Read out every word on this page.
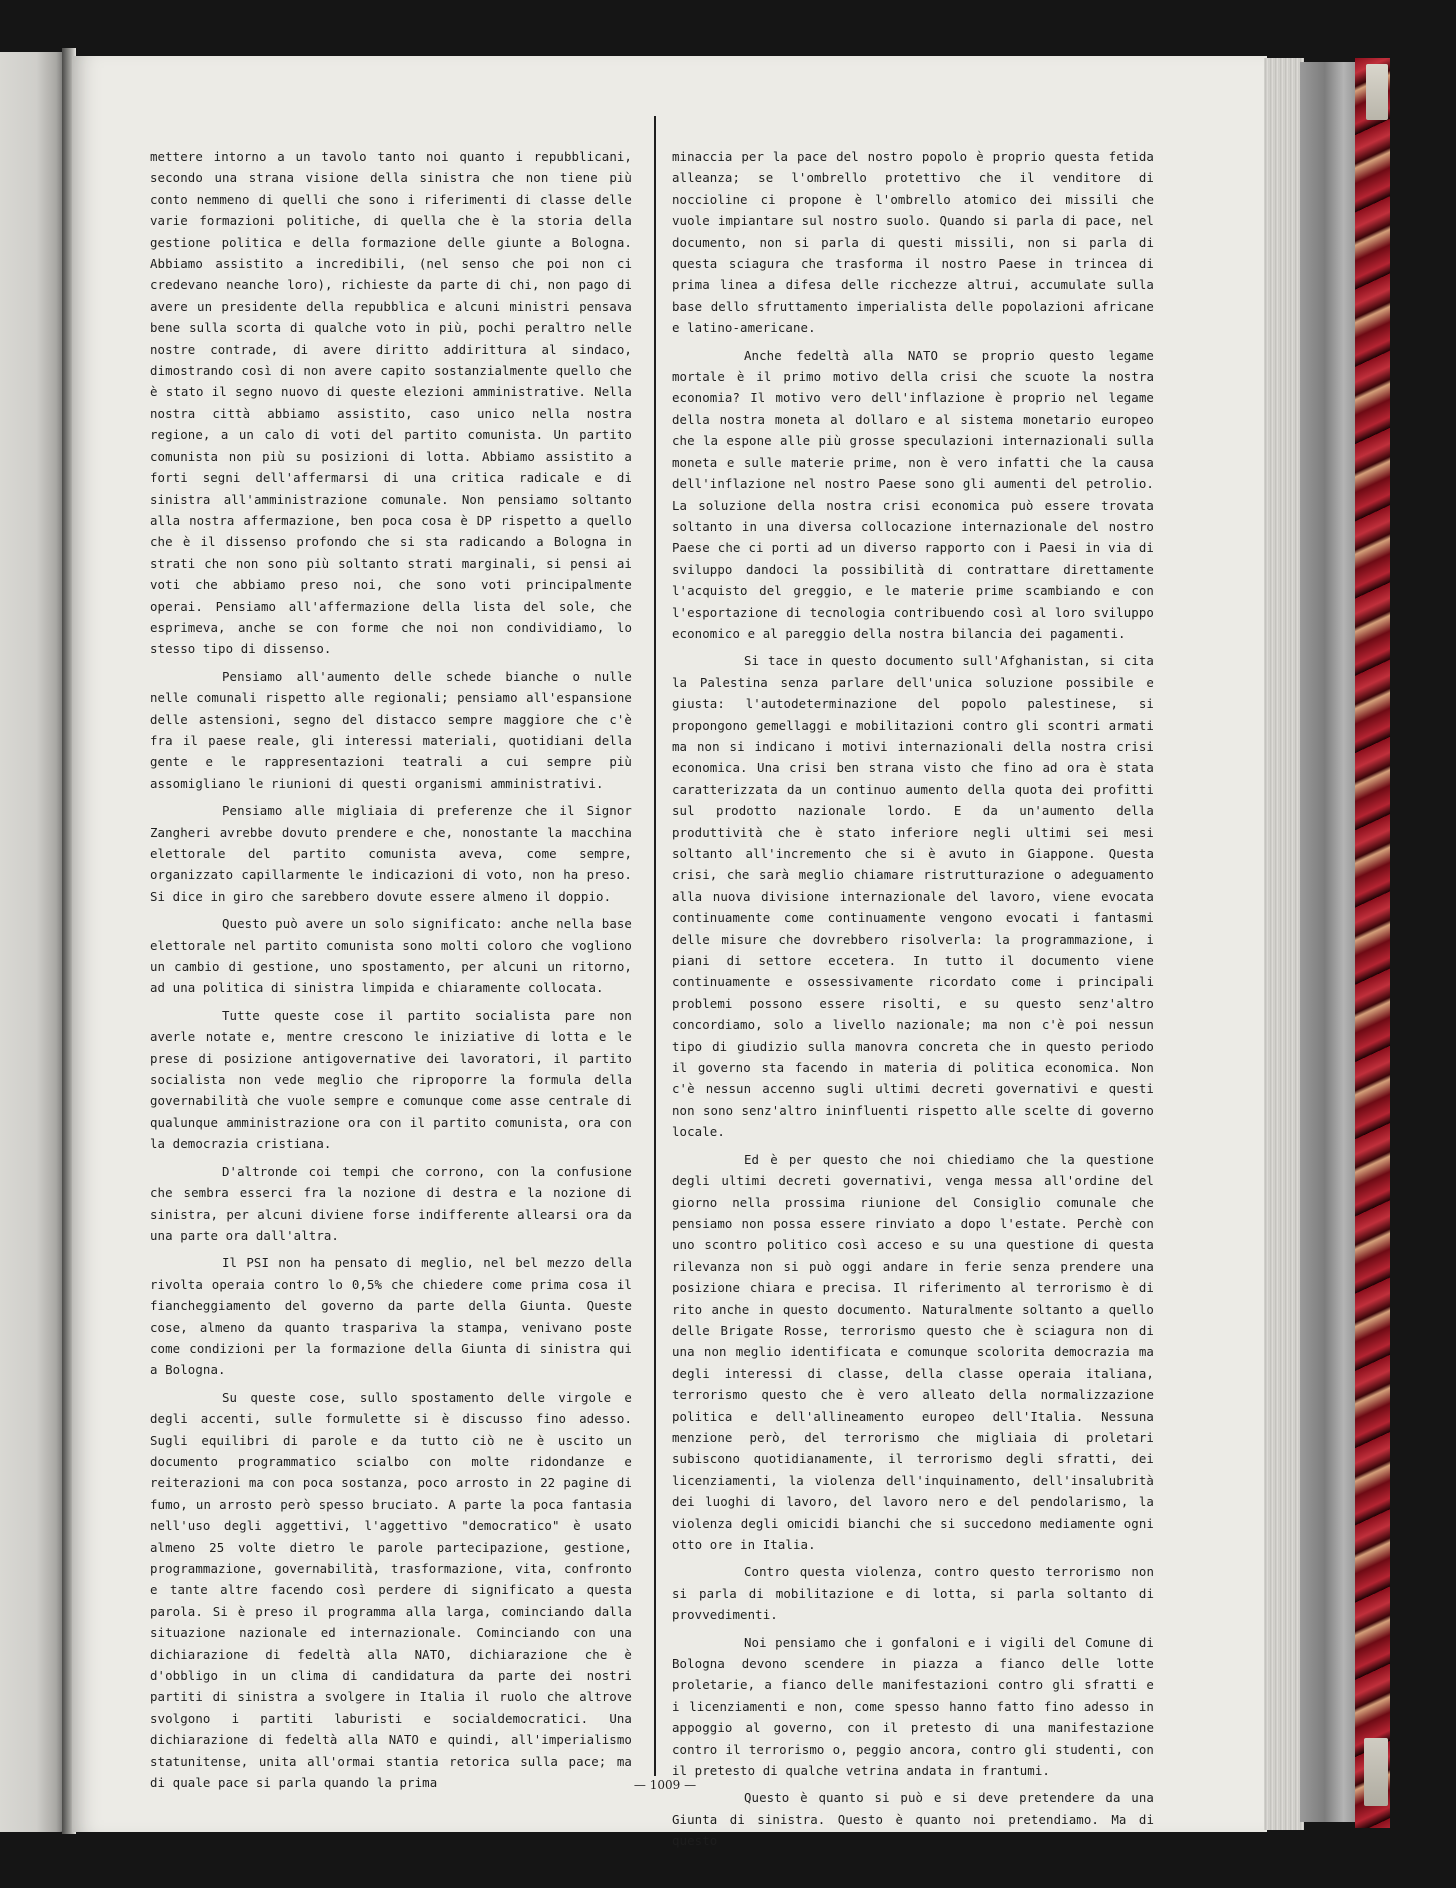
mettere intorno a un tavolo tanto noi quanto i repubblicani, secondo una strana visione della sinistra che non tiene più conto nemmeno di quelli che sono i riferimenti di classe delle varie formazioni politiche, di quella che è la storia della gestione politica e della formazione delle giunte a Bologna. Abbiamo assistito a incredibili, (nel senso che poi non ci credevano neanche loro), richieste da parte di chi, non pago di avere un presidente della repubblica e alcuni ministri pensava bene sulla scorta di qualche voto in più, pochi peraltro nelle nostre contrade, di avere diritto addirittura al sindaco, dimostrando così di non avere capito sostanzialmente quello che è stato il segno nuovo di queste elezioni amministrative. Nella nostra città abbiamo assistito, caso unico nella nostra regione, a un calo di voti del partito comunista. Un partito comunista non più su posizioni di lotta. Abbiamo assistito a forti segni dell'affermarsi di una critica radicale e di sinistra all'amministrazione comunale. Non pensiamo soltanto alla nostra affermazione, ben poca cosa è DP rispetto a quello che è il dissenso profondo che si sta radicando a Bologna in strati che non sono più soltanto strati marginali, si pensi ai voti che abbiamo preso noi, che sono voti principalmente operai. Pensiamo all'affermazione della lista del sole, che esprimeva, anche se con forme che noi non condividiamo, lo stesso tipo di dissenso.

Pensiamo all'aumento delle schede bianche o nulle nelle comunali rispetto alle regionali; pensiamo all'espansione delle astensioni, segno del distacco sempre maggiore che c'è fra il paese reale, gli interessi materiali, quotidiani della gente e le rappresentazioni teatrali a cui sempre più assomigliano le riunioni di questi organismi amministrativi.

Pensiamo alle migliaia di preferenze che il Signor Zangheri avrebbe dovuto prendere e che, nonostante la macchina elettorale del partito comunista aveva, come sempre, organizzato capillarmente le indicazioni di voto, non ha preso. Si dice in giro che sarebbero dovute essere almeno il doppio.

Questo può avere un solo significato: anche nella base elettorale nel partito comunista sono molti coloro che vogliono un cambio di gestione, uno spostamento, per alcuni un ritorno, ad una politica di sinistra limpida e chiaramente collocata.

Tutte queste cose il partito socialista pare non averle notate e, mentre crescono le iniziative di lotta e le prese di posizione antigovernative dei lavoratori, il partito socialista non vede meglio che riproporre la formula della governabilità che vuole sempre e comunque come asse centrale di qualunque amministrazione ora con il partito comunista, ora con la democrazia cristiana.

D'altronde coi tempi che corrono, con la confusione che sembra esserci fra la nozione di destra e la nozione di sinistra, per alcuni diviene forse indifferente allearsi ora da una parte ora dall'altra.

Il PSI non ha pensato di meglio, nel bel mezzo della rivolta operaia contro lo 0,5% che chiedere come prima cosa il fiancheggiamento del governo da parte della Giunta. Queste cose, almeno da quanto traspariva la stampa, venivano poste come condizioni per la formazione della Giunta di sinistra qui a Bologna.

Su queste cose, sullo spostamento delle virgole e degli accenti, sulle formulette si è discusso fino adesso. Sugli equilibri di parole e da tutto ciò ne è uscito un documento programmatico scialbo con molte ridondanze e reiterazioni ma con poca sostanza, poco arrosto in 22 pagine di fumo, un arrosto però spesso bruciato. A parte la poca fantasia nell'uso degli aggettivi, l'aggettivo "democratico" è usato almeno 25 volte dietro le parole partecipazione, gestione, programmazione, governabilità, trasformazione, vita, confronto e tante altre facendo così perdere di significato a questa parola. Si è preso il programma alla larga, cominciando dalla situazione nazionale ed internazionale. Cominciando con una dichiarazione di fedeltà alla NATO, dichiarazione che è d'obbligo in un clima di candidatura da parte dei nostri partiti di sinistra a svolgere in Italia il ruolo che altrove svolgono i partiti laburisti e socialdemocratici. Una dichiarazione di fedeltà alla NATO e quindi, all'imperialismo statunitense, unita all'ormai stantia retorica sulla pace; ma di quale pace si parla quando la prima

minaccia per la pace del nostro popolo è proprio questa fetida alleanza; se l'ombrello protettivo che il venditore di noccioline ci propone è l'ombrello atomico dei missili che vuole impiantare sul nostro suolo. Quando si parla di pace, nel documento, non si parla di questi missili, non si parla di questa sciagura che trasforma il nostro Paese in trincea di prima linea a difesa delle ricchezze altrui, accumulate sulla base dello sfruttamento imperialista delle popolazioni africane e latino-americane.

Anche fedeltà alla NATO se proprio questo legame mortale è il primo motivo della crisi che scuote la nostra economia? Il motivo vero dell'inflazione è proprio nel legame della nostra moneta al dollaro e al sistema monetario europeo che la espone alle più grosse speculazioni internazionali sulla moneta e sulle materie prime, non è vero infatti che la causa dell'inflazione nel nostro Paese sono gli aumenti del petrolio. La soluzione della nostra crisi economica può essere trovata soltanto in una diversa collocazione internazionale del nostro Paese che ci porti ad un diverso rapporto con i Paesi in via di sviluppo dandoci la possibilità di contrattare direttamente l'acquisto del greggio, e le materie prime scambiando e con l'esportazione di tecnologia contribuendo così al loro sviluppo economico e al pareggio della nostra bilancia dei pagamenti.

Si tace in questo documento sull'Afghanistan, si cita la Palestina senza parlare dell'unica soluzione possibile e giusta: l'autodeterminazione del popolo palestinese, si propongono gemellaggi e mobilitazioni contro gli scontri armati ma non si indicano i motivi internazionali della nostra crisi economica. Una crisi ben strana visto che fino ad ora è stata caratterizzata da un continuo aumento della quota dei profitti sul prodotto nazionale lordo. E da un'aumento della produttività che è stato inferiore negli ultimi sei mesi soltanto all'incremento che si è avuto in Giappone. Questa crisi, che sarà meglio chiamare ristrutturazione o adeguamento alla nuova divisione internazionale del lavoro, viene evocata continuamente come continuamente vengono evocati i fantasmi delle misure che dovrebbero risolverla: la programmazione, i piani di settore eccetera. In tutto il documento viene continuamente e ossessivamente ricordato come i principali problemi possono essere risolti, e su questo senz'altro concordiamo, solo a livello nazionale; ma non c'è poi nessun tipo di giudizio sulla manovra concreta che in questo periodo il governo sta facendo in materia di politica economica. Non c'è nessun accenno sugli ultimi decreti governativi e questi non sono senz'altro ininfluenti rispetto alle scelte di governo locale.

Ed è per questo che noi chiediamo che la questione degli ultimi decreti governativi, venga messa all'ordine del giorno nella prossima riunione del Consiglio comunale che pensiamo non possa essere rinviato a dopo l'estate. Perchè con uno scontro politico così acceso e su una questione di questa rilevanza non si può oggi andare in ferie senza prendere una posizione chiara e precisa. Il riferimento al terrorismo è di rito anche in questo documento. Naturalmente soltanto a quello delle Brigate Rosse, terrorismo questo che è sciagura non di una non meglio identificata e comunque scolorita democrazia ma degli interessi di classe, della classe operaia italiana, terrorismo questo che è vero alleato della normalizzazione politica e dell'allineamento europeo dell'Italia. Nessuna menzione però, del terrorismo che migliaia di proletari subiscono quotidianamente, il terrorismo degli sfratti, dei licenziamenti, la violenza dell'inquinamento, dell'insalubrità dei luoghi di lavoro, del lavoro nero e del pendolarismo, la violenza degli omicidi bianchi che si succedono mediamente ogni otto ore in Italia.

Contro questa violenza, contro questo terrorismo non si parla di mobilitazione e di lotta, si parla soltanto di provvedimenti.

Noi pensiamo che i gonfaloni e i vigili del Comune di Bologna devono scendere in piazza a fianco delle lotte proletarie, a fianco delle manifestazioni contro gli sfratti e i licenziamenti e non, come spesso hanno fatto fino adesso in appoggio al governo, con il pretesto di una manifestazione contro il terrorismo o, peggio ancora, contro gli studenti, con il pretesto di qualche vetrina andata in frantumi.

Questo è quanto si può e si deve pretendere da una Giunta di sinistra. Questo è quanto noi pretendiamo. Ma di questo

— 1009 —
